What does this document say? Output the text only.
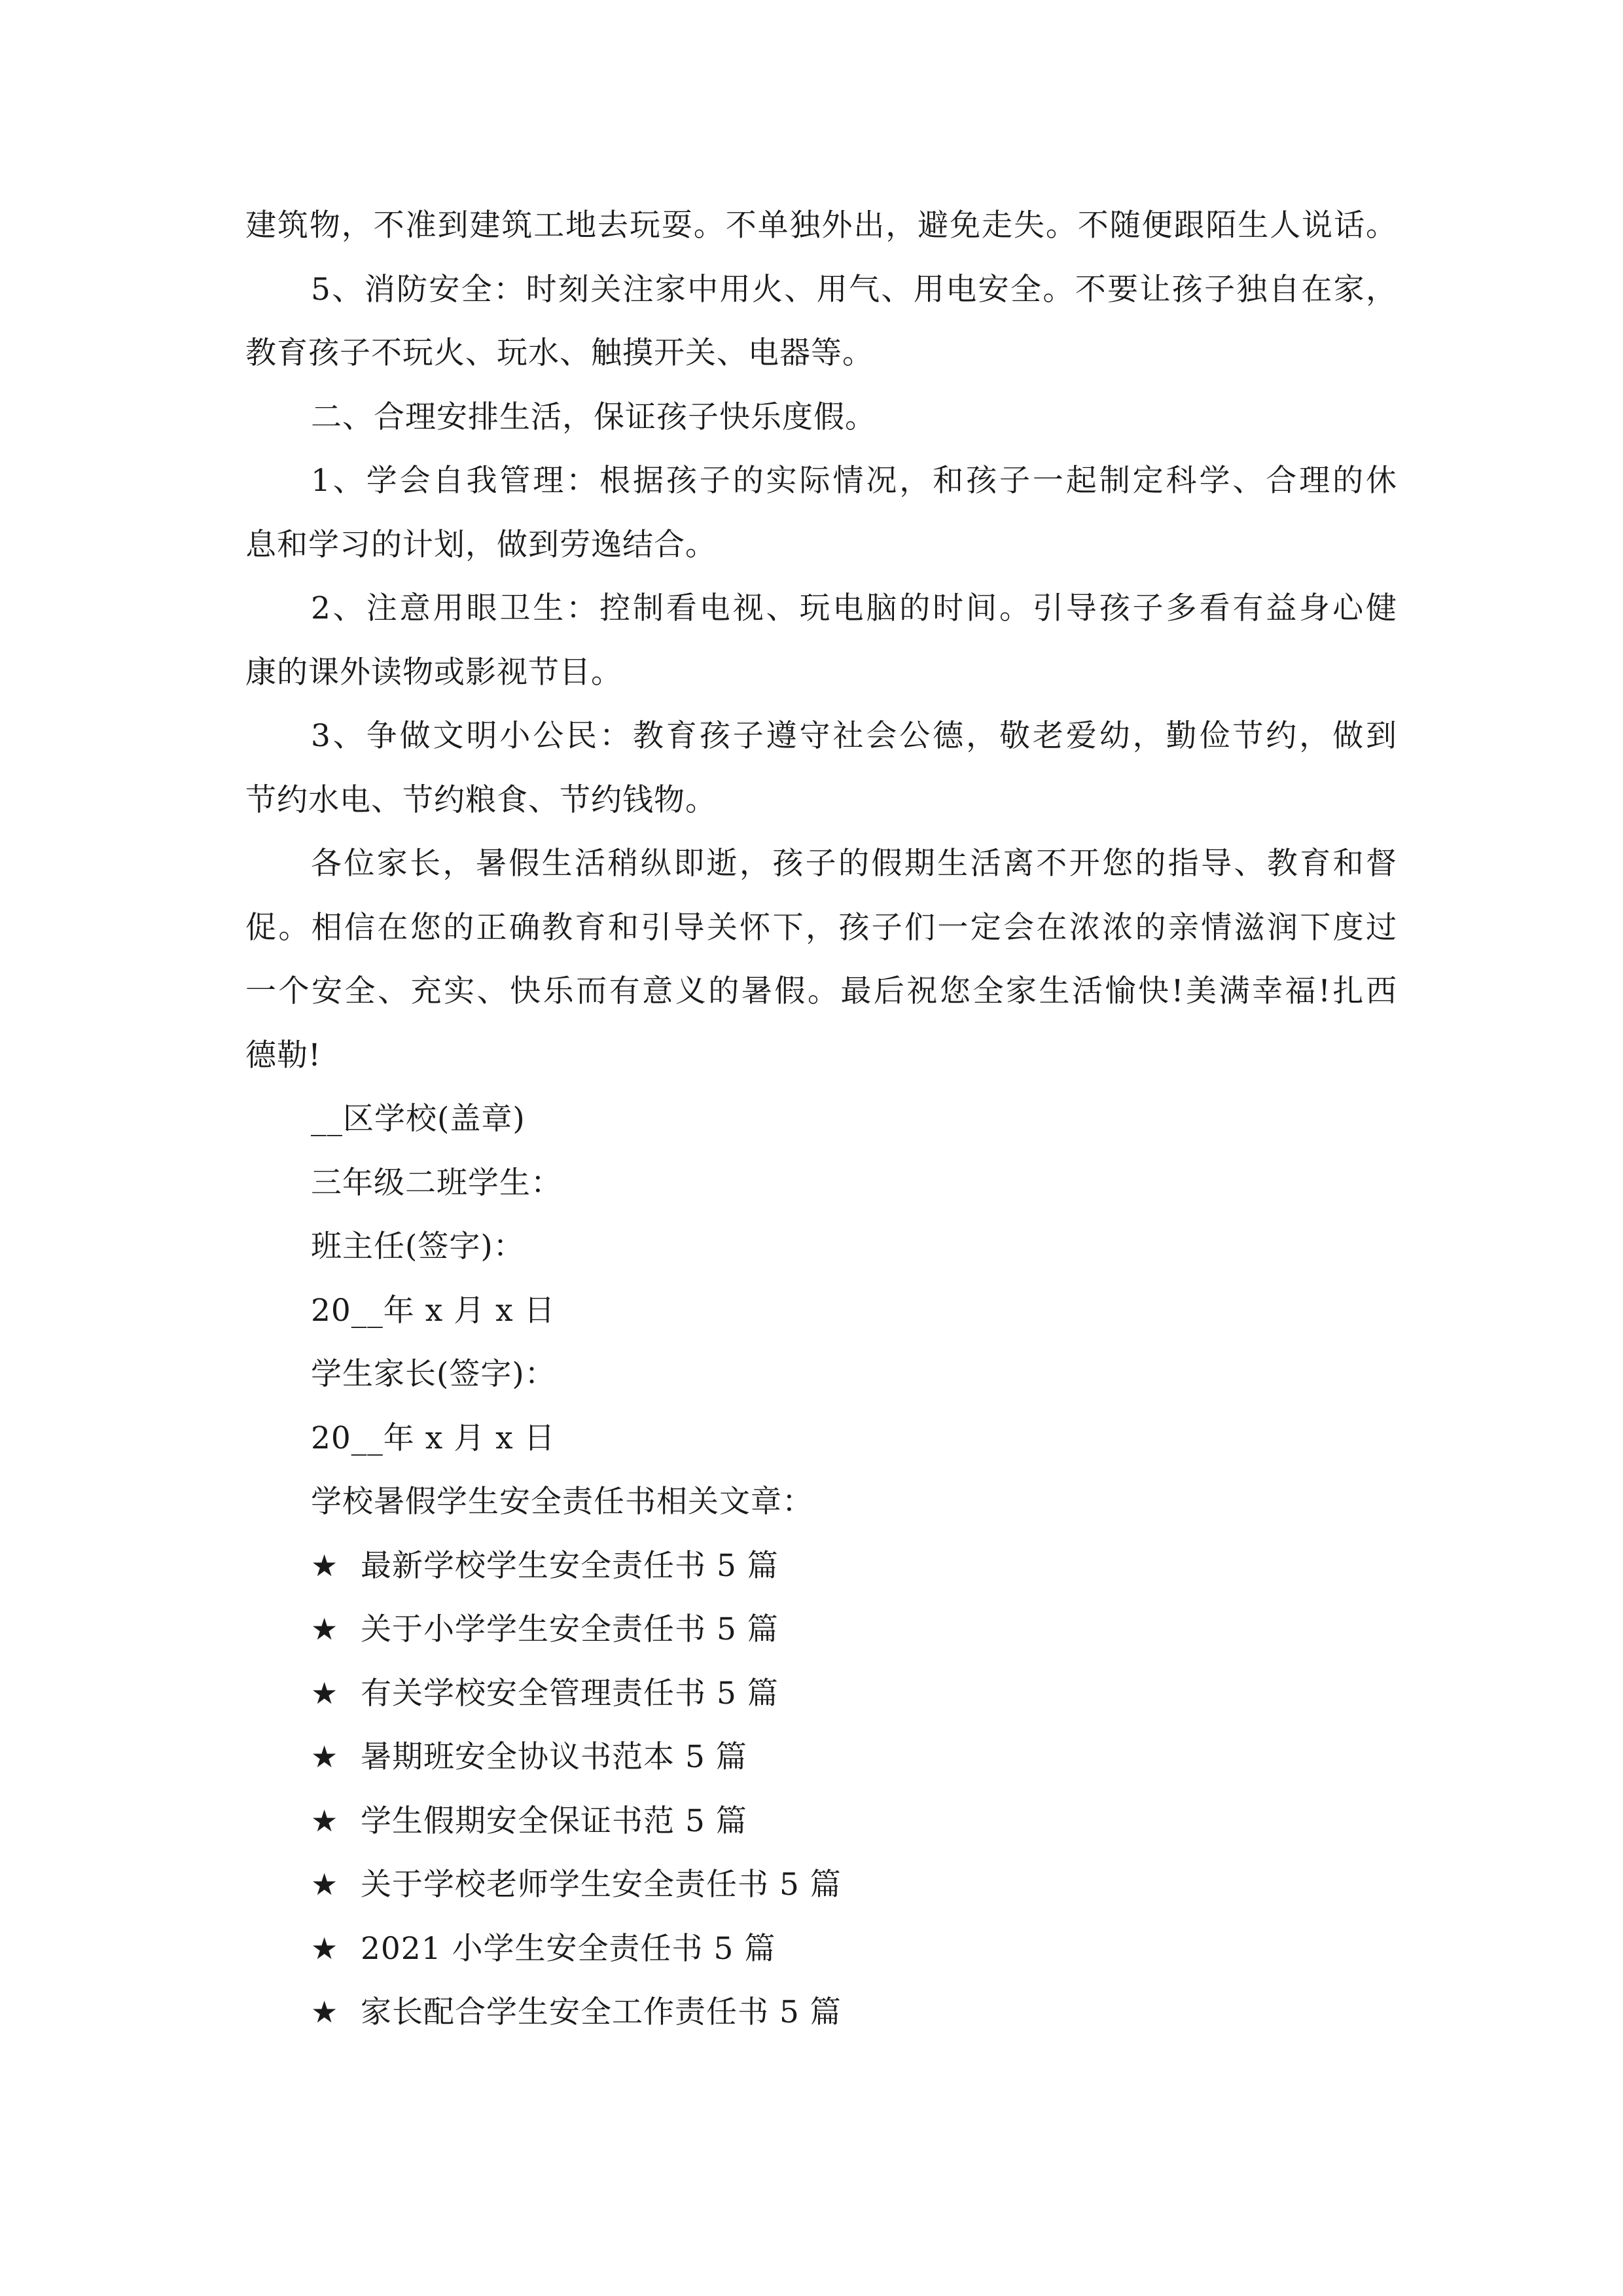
建筑物，不准到建筑工地去玩耍。不单独外出，避免走失。不随便跟陌生人说话。
5、消防安全：时刻关注家中用火、用气、用电安全。不要让孩子独自在家，
教育孩子不玩火、玩水、触摸开关、电器等。
二、合理安排生活，保证孩子快乐度假。
1、学会自我管理：根据孩子的实际情况，和孩子一起制定科学、合理的休
息和学习的计划，做到劳逸结合。
2、注意用眼卫生：控制看电视、玩电脑的时间。引导孩子多看有益身心健
康的课外读物或影视节目。
3、争做文明小公民：教育孩子遵守社会公德，敬老爱幼，勤俭节约，做到
节约水电、节约粮食、节约钱物。
各位家长，暑假生活稍纵即逝，孩子的假期生活离不开您的指导、教育和督
促。相信在您的正确教育和引导关怀下，孩子们一定会在浓浓的亲情滋润下度过
一个安全、充实、快乐而有意义的暑假。最后祝您全家生活愉快!美满幸福!扎西
德勒!
__区学校(盖章)
三年级二班学生：
班主任(签字)：
20__年 x 月 x 日
学生家长(签字)：
20__年 x 月 x 日
学校暑假学生安全责任书相关文章：
★ 最新学校学生安全责任书 5 篇
★ 关于小学学生安全责任书 5 篇
★ 有关学校安全管理责任书 5 篇
★ 暑期班安全协议书范本 5 篇
★ 学生假期安全保证书范 5 篇
★ 关于学校老师学生安全责任书 5 篇
★ 2021 小学生安全责任书 5 篇
★ 家长配合学生安全工作责任书 5 篇
